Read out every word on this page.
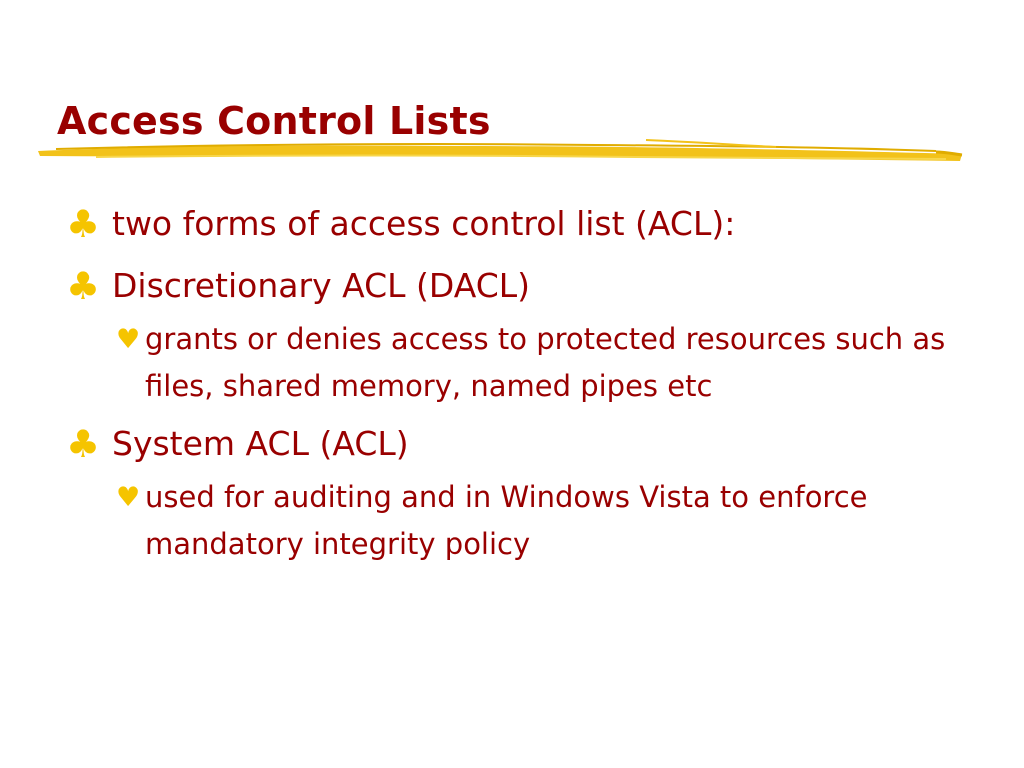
Access Control Lists
♣ two forms of access control list (ACL):
♣ Discretionary ACL (DACL)
♥ grants or denies access to protected resources such as files, shared memory, named pipes etc
♣ System ACL (ACL)
♥ used for auditing and in Windows Vista to enforce mandatory integrity policy
